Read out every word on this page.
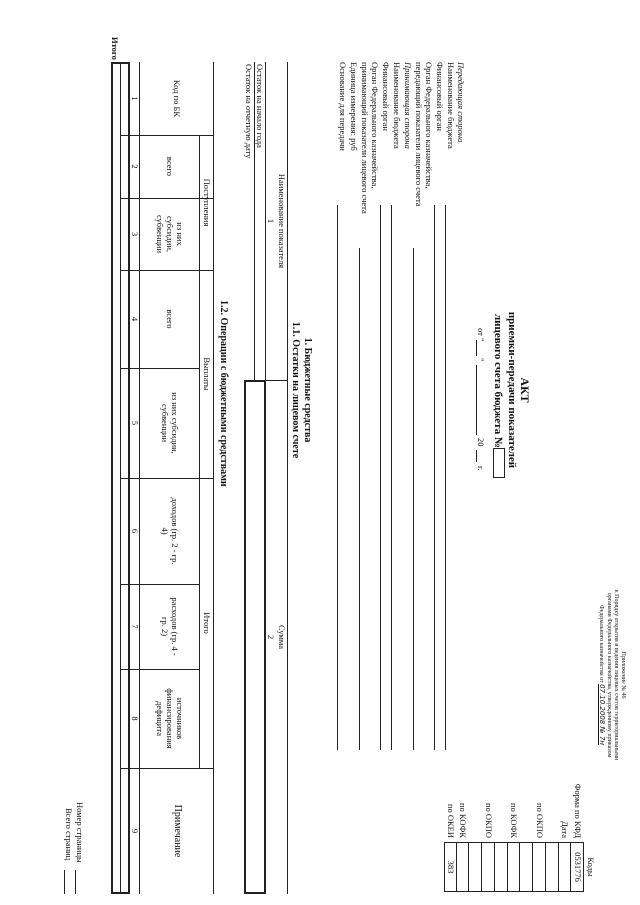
Приложение № 46
к Порядку открытия и ведения лицевых счетов территориальными
органами Федерального казначейства, утвержденному приказом
Федерального казначейства от 07.10.2008 № 7н
Коды
Форма по КФД
0531776
Дата
по ОКПО
по КОФК
по ОКПО
по КОФК
по ОКЕИ
383
АКТ
приемки-передачи показателей
лицевого счета бюджета №
от "
"
20
г.
Передающая сторона
Наименование бюджета
Финансовый орган
Орган Федерального казначейства,
передающий показатели лицевого счета
Принимающая сторона
Наименование бюджета
Финансовый орган
Орган Федерального казначейства,
принимающий показатели лицевого счета
Единица измерения: руб
Основание для передачи
1. Бюджетные средства
1.1. Остатки на лицевом счете
Наименование показателя
Сумма
1
2
Остаток на начало года
Остаток на отчетную дату
1.2. Операции с бюджетными средствами
Код по БК
Поступления
Выплаты
Итого
Примечание
всего
из них субсидии, субвенции
всего
из них субсидии, субвенции
доходов (гр. 2 - гр. 4)
расходов (гр. 4 - гр. 2)
источников финансирования дефицита
1
2
3
4
5
6
7
8
9
Итого
Номер страницы
Всего страниц
